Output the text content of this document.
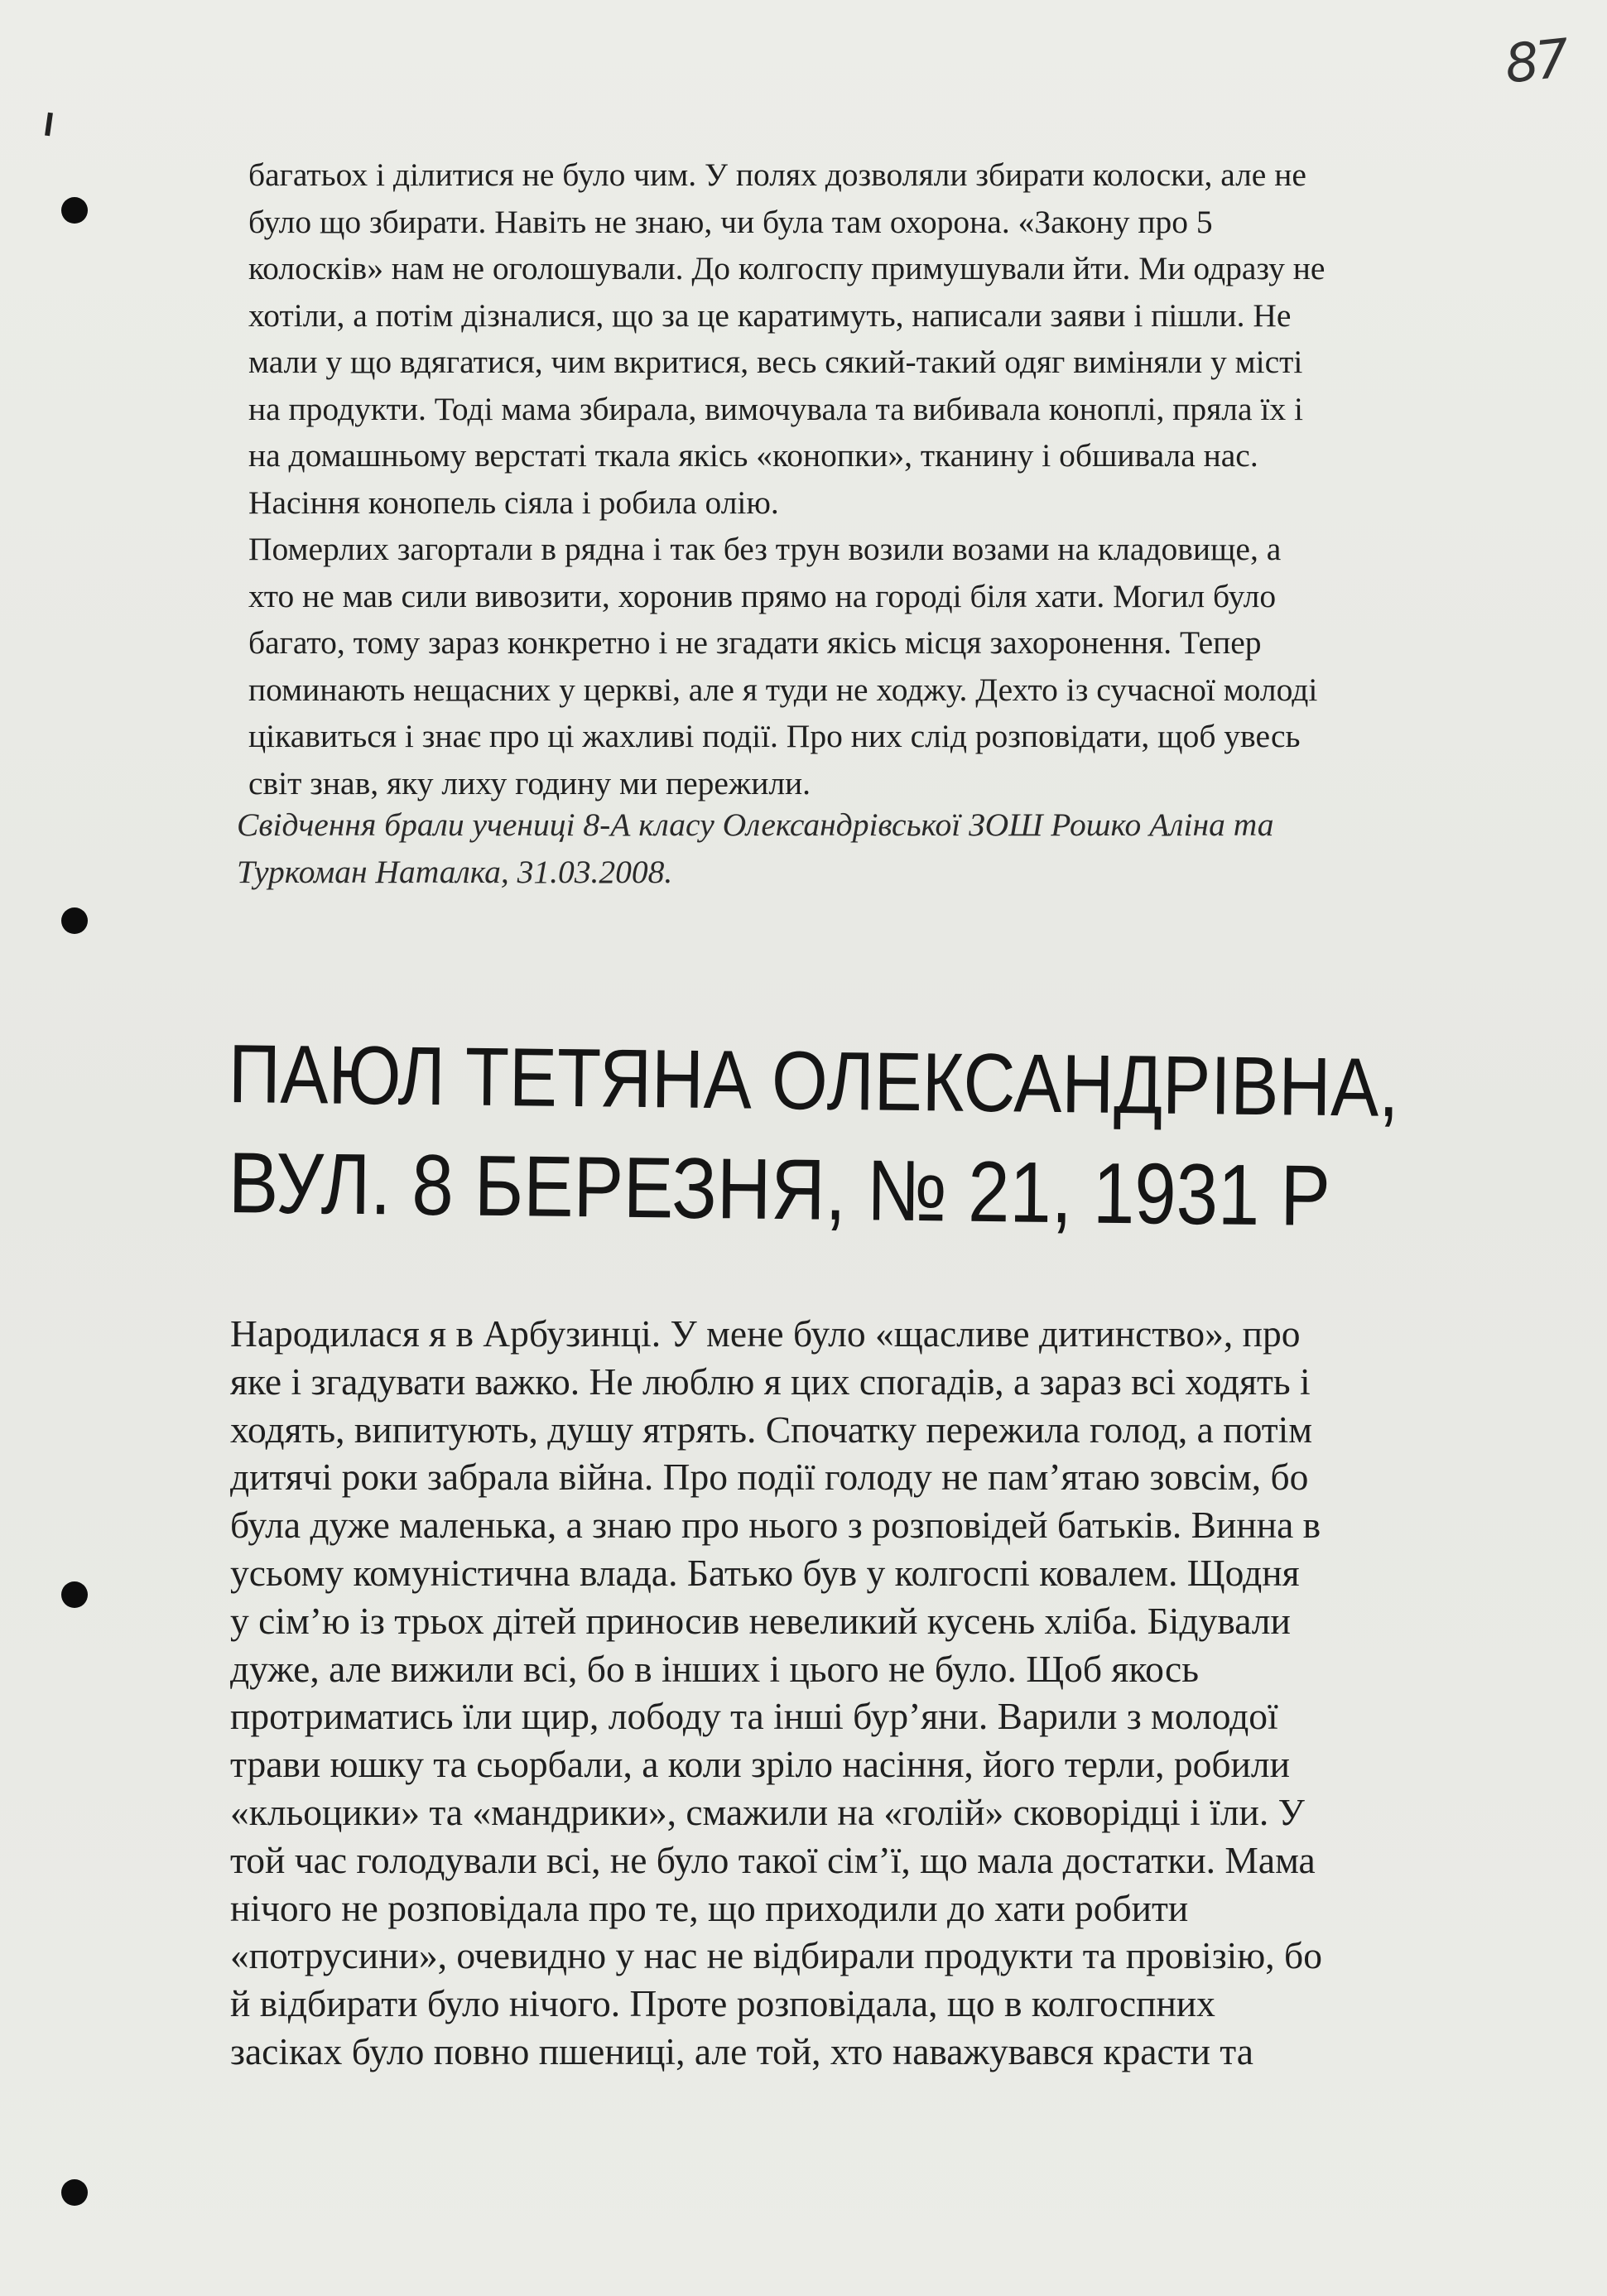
87

багатьох і ділитися не було чим. У полях дозволяли збирати колоски, але не
було що збирати. Навіть не знаю, чи була там охорона. «Закону про 5
колосків» нам не оголошували. До колгоспу примушували йти. Ми одразу не
хотіли, а потім дізналися, що за це каратимуть, написали заяви і пішли. Не
мали у що вдягатися, чим вкритися, весь сякий-такий одяг виміняли у місті
на продукти. Тоді мама збирала, вимочувала та вибивала коноплі, пряла їх і
на домашньому верстаті ткала якісь «конопки», тканину і обшивала нас.
Насіння конопель сіяла і робила олію.
Померлих загортали в рядна і так без трун возили возами на кладовище, а
хто не мав сили вивозити, хоронив прямо на городі біля хати. Могил було
багато, тому зараз конкретно і не згадати якісь місця захоронення. Тепер
поминають нещасних у церкві, але я туди не ходжу. Дехто із сучасної молоді
цікавиться і знає про ці жахливі події. Про них слід розповідати, щоб увесь
світ знав, яку лиху годину ми пережили.

Свідчення брали учениці 8-А класу Олександрівської ЗОШ Рошко Аліна та
Туркоман Наталка, 31.03.2008.

ПАЮЛ ТЕТЯНА ОЛЕКСАНДРІВНА,
ВУЛ. 8 БЕРЕЗНЯ, № 21, 1931 Р

Народилася я в Арбузинці. У мене було «щасливе дитинство», про
яке і згадувати важко. Не люблю я цих спогадів, а зараз всі ходять і
ходять, випитують, душу ятрять. Спочатку пережила голод, а потім
дитячі роки забрала війна. Про події голоду не пам’ятаю зовсім, бо
була дуже маленька, а знаю про нього з розповідей батьків. Винна в
усьому комуністична влада. Батько був у колгоспі ковалем. Щодня
у сім’ю із трьох дітей приносив невеликий кусень хліба. Бідували
дуже, але вижили всі, бо в інших і цього не було. Щоб якось
протриматись їли щир, лободу та інші бур’яни. Варили з молодої
трави юшку та сьорбали, а коли зріло насіння, його терли, робили
«кльоцики» та «мандрики», смажили на «голій» сковорідці і їли. У
той час голодували всі, не було такої сім’ї, що мала достатки. Мама
нічого не розповідала про те, що приходили до хати робити
«потрусини», очевидно у нас не відбирали продукти та провізію, бо
й відбирати було нічого. Проте розповідала, що в колгоспних
засіках було повно пшениці, але той, хто наважувався красти та
